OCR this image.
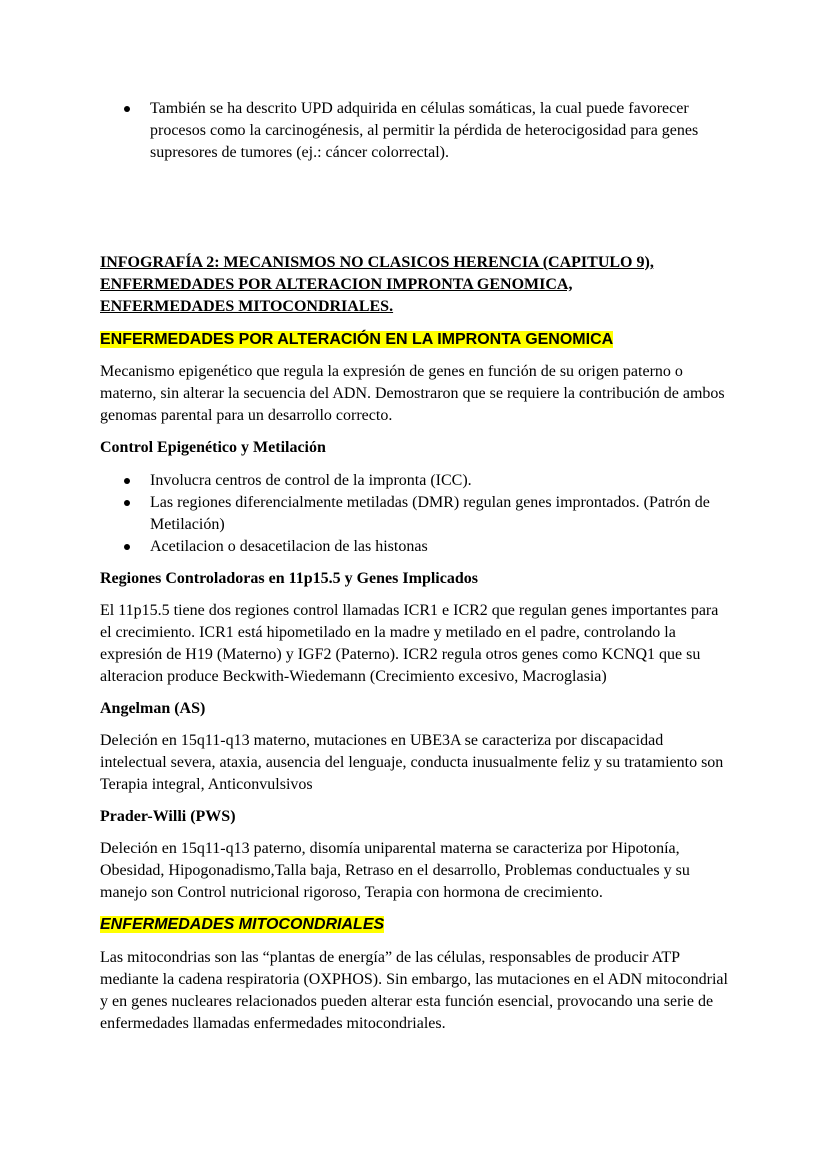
También se ha descrito UPD adquirida en células somáticas, la cual puede favorecer procesos como la carcinogénesis, al permitir la pérdida de heterocigosidad para genes supresores de tumores (ej.: cáncer colorrectal).
INFOGRAFÍA 2: MECANISMOS NO CLASICOS HERENCIA (CAPITULO 9),
ENFERMEDADES POR ALTERACION IMPRONTA GENOMICA,
ENFERMEDADES MITOCONDRIALES.
ENFERMEDADES POR ALTERACIÓN EN LA IMPRONTA GENOMICA

Mecanismo epigenético que regula la expresión de genes en función de su origen paterno o materno, sin alterar la secuencia del ADN. Demostraron que se requiere la contribución de ambos genomas parental para un desarrollo correcto.

Control Epigenético y Metilación

Involucra centros de control de la impronta (ICC).
Las regiones diferencialmente metiladas (DMR) regulan genes improntados. (Patrón de Metilación)
Acetilacion o desacetilacion de las histonas

Regiones Controladoras en 11p15.5 y Genes Implicados

El 11p15.5 tiene dos regiones control llamadas ICR1 e ICR2 que regulan genes importantes para el crecimiento. ICR1 está hipometilado en la madre y metilado en el padre, controlando la expresión de H19 (Materno) y IGF2 (Paterno). ICR2 regula otros genes como KCNQ1 que su alteracion produce Beckwith-Wiedemann (Crecimiento excesivo, Macroglasia)

Angelman (AS)

Deleción en 15q11-q13 materno, mutaciones en UBE3A se caracteriza por discapacidad intelectual severa, ataxia, ausencia del lenguaje, conducta inusualmente feliz y su tratamiento son Terapia integral, Anticonvulsivos

Prader-Willi (PWS)

Deleción en 15q11-q13 paterno, disomía uniparental materna se caracteriza por Hipotonía, Obesidad, Hipogonadismo,Talla baja, Retraso en el desarrollo, Problemas conductuales y su manejo son Control nutricional rigoroso, Terapia con hormona de crecimiento.

ENFERMEDADES MITOCONDRIALES

Las mitocondrias son las “plantas de energía” de las células, responsables de producir ATP mediante la cadena respiratoria (OXPHOS). Sin embargo, las mutaciones en el ADN mitocondrial y en genes nucleares relacionados pueden alterar esta función esencial, provocando una serie de enfermedades llamadas enfermedades mitocondriales.
